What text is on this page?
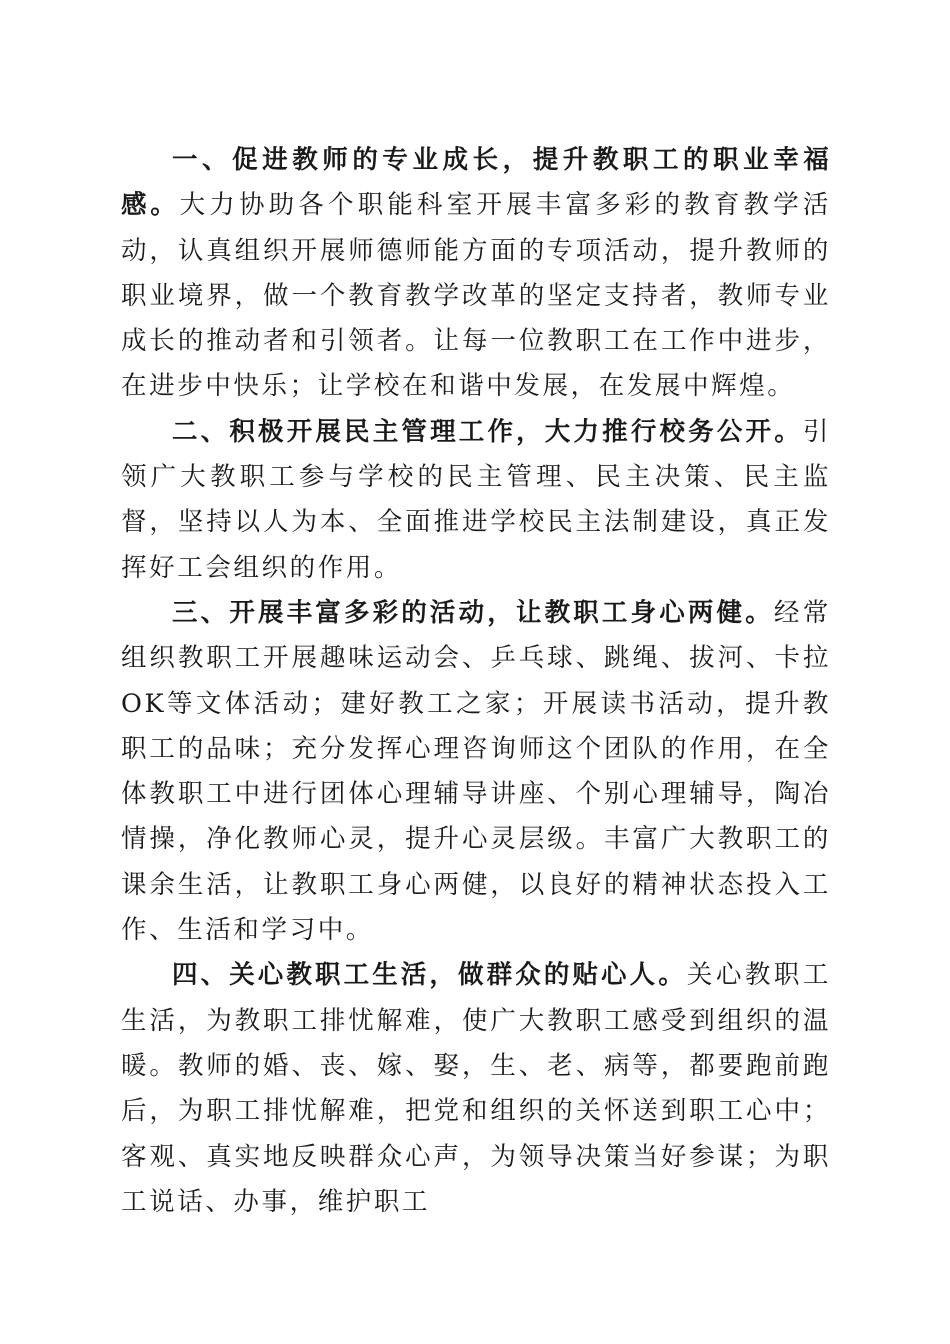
一、促进教师的专业成长，提升教职工的职业幸福感。大力协助各个职能科室开展丰富多彩的教育教学活动，认真组织开展师德师能方面的专项活动，提升教师的职业境界，做一个教育教学改革的坚定支持者，教师专业成长的推动者和引领者。让每一位教职工在工作中进步，在进步中快乐；让学校在和谐中发展，在发展中辉煌。

二、积极开展民主管理工作，大力推行校务公开。引领广大教职工参与学校的民主管理、民主决策、民主监督，坚持以人为本、全面推进学校民主法制建设，真正发挥好工会组织的作用。

三、开展丰富多彩的活动，让教职工身心两健。经常组织教职工开展趣味运动会、乒乓球、跳绳、拔河、卡拉OK等文体活动；建好教工之家；开展读书活动，提升教职工的品味；充分发挥心理咨询师这个团队的作用，在全体教职工中进行团体心理辅导讲座、个别心理辅导，陶冶情操，净化教师心灵，提升心灵层级。丰富广大教职工的课余生活，让教职工身心两健，以良好的精神状态投入工作、生活和学习中。

四、关心教职工生活，做群众的贴心人。关心教职工生活，为教职工排忧解难，使广大教职工感受到组织的温暖。教师的婚、丧、嫁、娶，生、老、病等，都要跑前跑后，为职工排忧解难，把党和组织的关怀送到职工心中；客观、真实地反映群众心声，为领导决策当好参谋；为职工说话、办事，维护职工
